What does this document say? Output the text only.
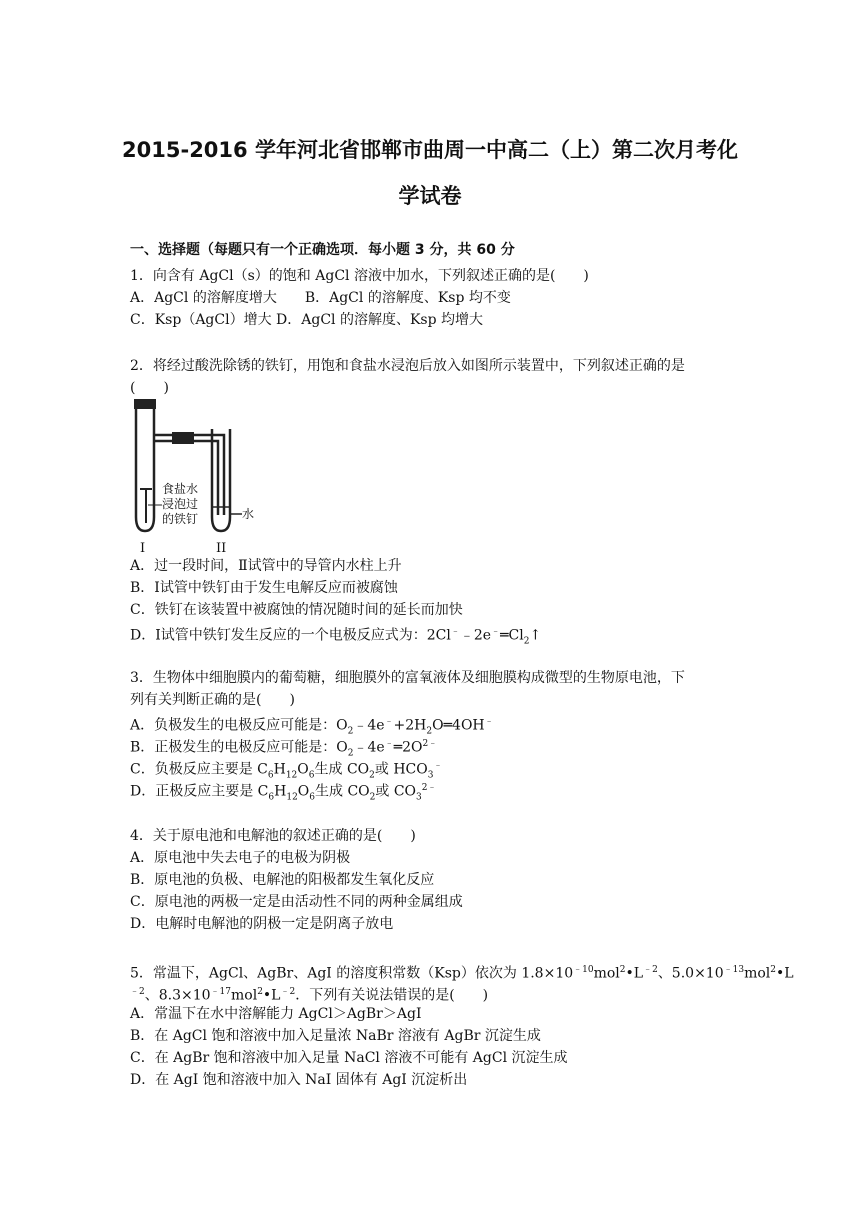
2015-2016 学年河北省邯郸市曲周一中高二（上）第二次月考化
学试卷
一、选择题（每题只有一个正确选项．每小题 3 分，共 60 分
1．向含有 AgCl（s）的饱和 AgCl 溶液中加水，下列叙述正确的是(　　)
A．AgCl 的溶解度增大　　B．AgCl 的溶解度、Ksp 均不变
C．Ksp（AgCl）增大 D．AgCl 的溶解度、Ksp 均增大
2．将经过酸洗除锈的铁钉，用饱和食盐水浸泡后放入如图所示装置中，下列叙述正确的是
(　　)
食盐水
浸泡过
的铁钉	水
I	II
A．过一段时间，Ⅱ试管中的导管内水柱上升
B．Ⅰ试管中铁钉由于发生电解反应而被腐蚀
C．铁钉在该装置中被腐蚀的情况随时间的延长而加快
D．Ⅰ试管中铁钉发生反应的一个电极反应式为：$2Cl^﹣﹣2e^﹣═Cl_2↑$
3．生物体中细胞膜内的葡萄糖，细胞膜外的富氧液体及细胞膜构成微型的生物原电池，下
列有关判断正确的是(　　)
A．负极发生的电极反应可能是：$O_2﹣4e^﹣+2H_2O═4OH^﹣$
B．正极发生的电极反应可能是：$O_2﹣4e^﹣═2O^{2﹣}$
C．负极反应主要是 $C_6H_{12}O_6$生成 $CO_2$或 $HCO_3^﹣$
D．正极反应主要是 $C_6H_{12}O_6$生成 $CO_2$或 $CO_3^{2﹣}$
4．关于原电池和电解池的叙述正确的是(　　)
A．原电池中失去电子的电极为阴极
B．原电池的负极、电解池的阳极都发生氧化反应
C．原电池的两极一定是由活动性不同的两种金属组成
D．电解时电解池的阴极一定是阴离子放电
5．常温下，AgCl、AgBr、AgI 的溶度积常数（Ksp）依次为 $1.8\times 10^{﹣10}mol^2•L^{﹣2}$、$5.0\times 10^{﹣13}mol^2•L$
$^{﹣2}$、$8.3\times 10^{﹣17}mol^2•L^{﹣2}$．下列有关说法错误的是(　　)
A．常温下在水中溶解能力 AgCl＞AgBr＞AgI
B．在 AgCl 饱和溶液中加入足量浓 NaBr 溶液有 AgBr 沉淀生成
C．在 AgBr 饱和溶液中加入足量 NaCl 溶液不可能有 AgCl 沉淀生成
D．在 AgI 饱和溶液中加入 NaI 固体有 AgI 沉淀析出
